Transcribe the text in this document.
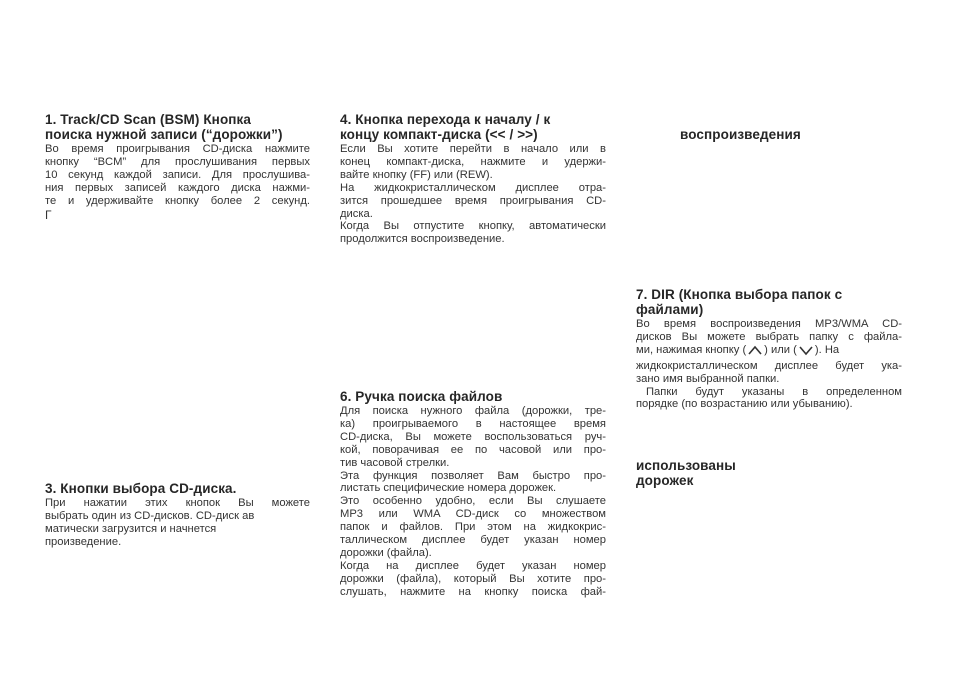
1. Track/CD Scan (BSM) Кнопка
поиска нужной записи (“дорожки”)
Во время проигрывания CD-диска нажмите
кнопку “BCM” для прослушивания первых
10 секунд каждой записи. Для прослушива-
ния первых записей каждого диска нажми-
те и удерживайте кнопку более 2 секунд.
Г
4. Кнопка перехода к началу / к
концу компакт-диска (<< / >>)
Если Вы хотите перейти в начало или в
конец компакт-диска, нажмите и удержи-
вайте кнопку (FF) или (REW).
На жидкокристаллическом дисплее отра-
зится прошедшее время проигрывания CD-
диска.
Когда Вы отпустите кнопку, автоматически
продолжится воспроизведение.
воспроизведения
7. DIR (Кнопка выбора папок с
файлами)
Во время воспроизведения MP3/WMA CD-
дисков Вы можете выбрать папку с файла-
ми, нажимая кнопку ( ) или ( ). На
жидкокристаллическом дисплее будет ука-
зано имя выбранной папки.
Папки будут указаны в определенном
порядке (по возрастанию или убыванию).
6. Ручка поиска файлов
Для поиска нужного файла (дорожки, тре-
ка) проигрываемого в настоящее время
CD-диска, Вы можете воспользоваться руч-
кой, поворачивая ее по часовой или про-
тив часовой стрелки.
Эта функция позволяет Вам быстро про-
листать специфические номера дорожек.
Это особенно удобно, если Вы слушаете
MP3 или WMA CD-диск со множеством
папок и файлов. При этом на жидкокрис-
таллическом дисплее будет указан номер
дорожки (файла).
Когда на дисплее будет указан номер
дорожки (файла), который Вы хотите про-
слушать, нажмите на кнопку поиска фай-
3. Кнопки выбора CD-диска.
При нажатии этих кнопок Вы можете
выбрать один из CD-дисков. CD-диск ав
матически загрузится и начнется
произведение.
использованы
дорожек
